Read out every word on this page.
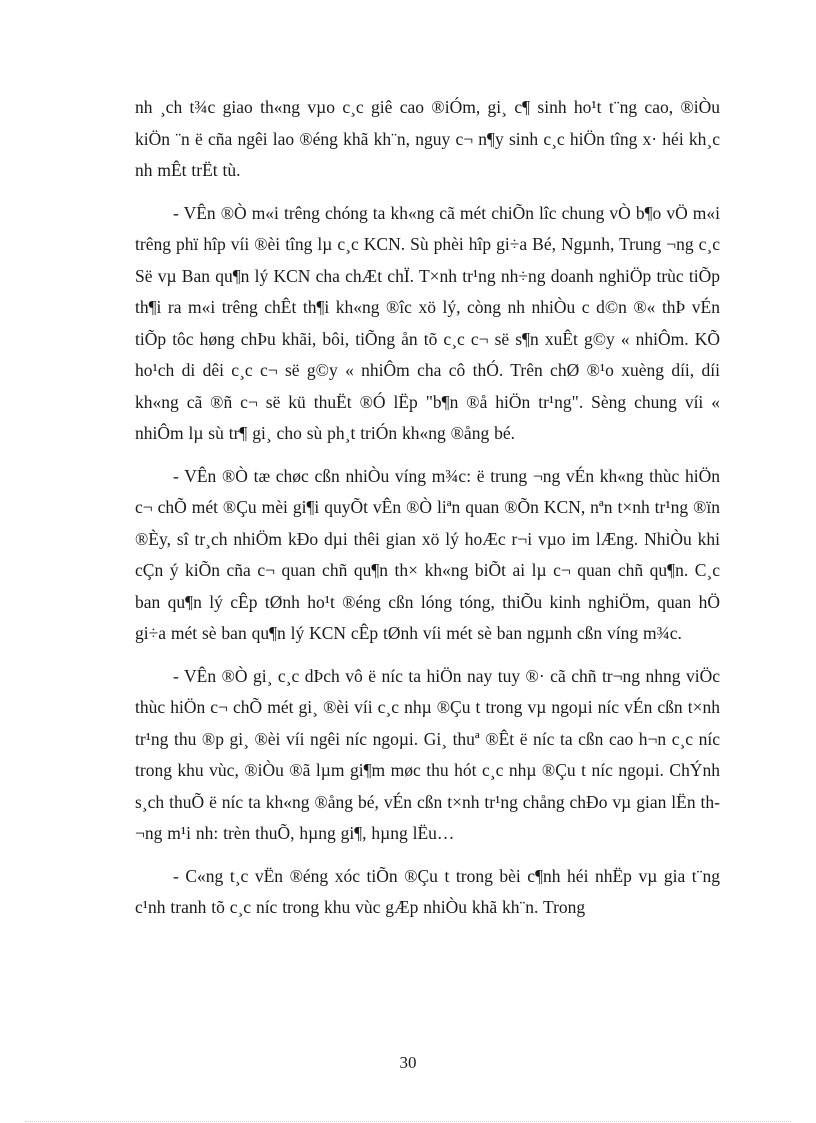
nh ¸ch t¾c giao th«ng vµo c¸c giê cao ®iÓm, gi¸ c¶ sinh ho¹t t¨ng cao, ®iÒu kiÖn ¨n ë cña ngêi lao ®éng khã kh¨n, nguy c¬ n¶y sinh c¸c hiÖn tîng x· héi kh¸c nh mÊt trËt tù.

- VÊn ®Ò m«i trêng chóng ta kh«ng cã mét chiÕn lîc chung vÒ b¶o vÖ m«i trêng phï hîp víi ®èi tîng lµ c¸c KCN. Sù phèi hîp gi÷a Bé, Ngµnh, Trung ¬ng c¸c Së vµ Ban qu¶n lý KCN cha chÆt chÏ. T×nh tr¹ng nh÷ng doanh nghiÖp trùc tiÕp th¶i ra m«i trêng chÊt th¶i kh«ng ®îc xö lý, còng nh nhiÒu c d©n ®« thÞ vÉn tiÕp tôc høng chÞu khãi, bôi, tiÕng ån tõ c¸c c¬ së s¶n xuÊt g©y « nhiÔm. KÕ ho¹ch di dêi c¸c c¬ së g©y « nhiÔm cha cô thÓ. Trên chØ ®¹o xuèng díi, díi kh«ng cã ®ñ c¬ së kü thuËt ®Ó lËp "b¶n ®å hiÖn tr¹ng". Sèng chung víi « nhiÔm lµ sù tr¶ gi¸ cho sù ph¸t triÓn kh«ng ®ång bé.

- VÊn ®Ò tæ chøc cßn nhiÒu víng m¾c: ë trung ¬ng vÉn kh«ng thùc hiÖn c¬ chÕ mét ®Çu mèi gi¶i quyÕt vÊn ®Ò liªn quan ®Õn KCN, nªn t×nh tr¹ng ®ïn ®Èy, sî tr¸ch nhiÖm kÐo dµi thêi gian xö lý hoÆc r¬i vµo im lÆng. NhiÒu khi cÇn ý kiÕn cña c¬ quan chñ qu¶n th× kh«ng biÕt ai lµ c¬ quan chñ qu¶n. C¸c ban qu¶n lý cÊp tØnh ho¹t ®éng cßn lóng tóng, thiÕu kinh nghiÖm, quan hÖ gi÷a mét sè ban qu¶n lý KCN cÊp tØnh víi mét sè ban ngµnh cßn víng m¾c.

- VÊn ®Ò gi¸ c¸c dÞch vô ë níc ta hiÖn nay tuy ®· cã chñ tr¬ng nhng viÖc thùc hiÖn c¬ chÕ mét gi¸ ®èi víi c¸c nhµ ®Çu t trong vµ ngoµi níc vÉn cßn t×nh tr¹ng thu ®p gi¸ ®èi víi ngêi níc ngoµi. Gi¸ thuª ®Êt ë níc ta cßn cao h¬n c¸c níc trong khu vùc, ®iÒu ®ã lµm gi¶m møc thu hót c¸c nhµ ®Çu t níc ngoµi. ChÝnh s¸ch thuÕ ë níc ta kh«ng ®ång bé, vÉn cßn t×nh tr¹ng chång chÐo vµ gian lËn th¬ng m¹i nh: trèn thuÕ, hµng gi¶, hµng lËu…

- C«ng t¸c vËn ®éng xóc tiÕn ®Çu t trong bèi c¶nh héi nhËp vµ gia t¨ng c¹nh tranh tõ c¸c níc trong khu vùc gÆp nhiÒu khã kh¨n. Trong

30
